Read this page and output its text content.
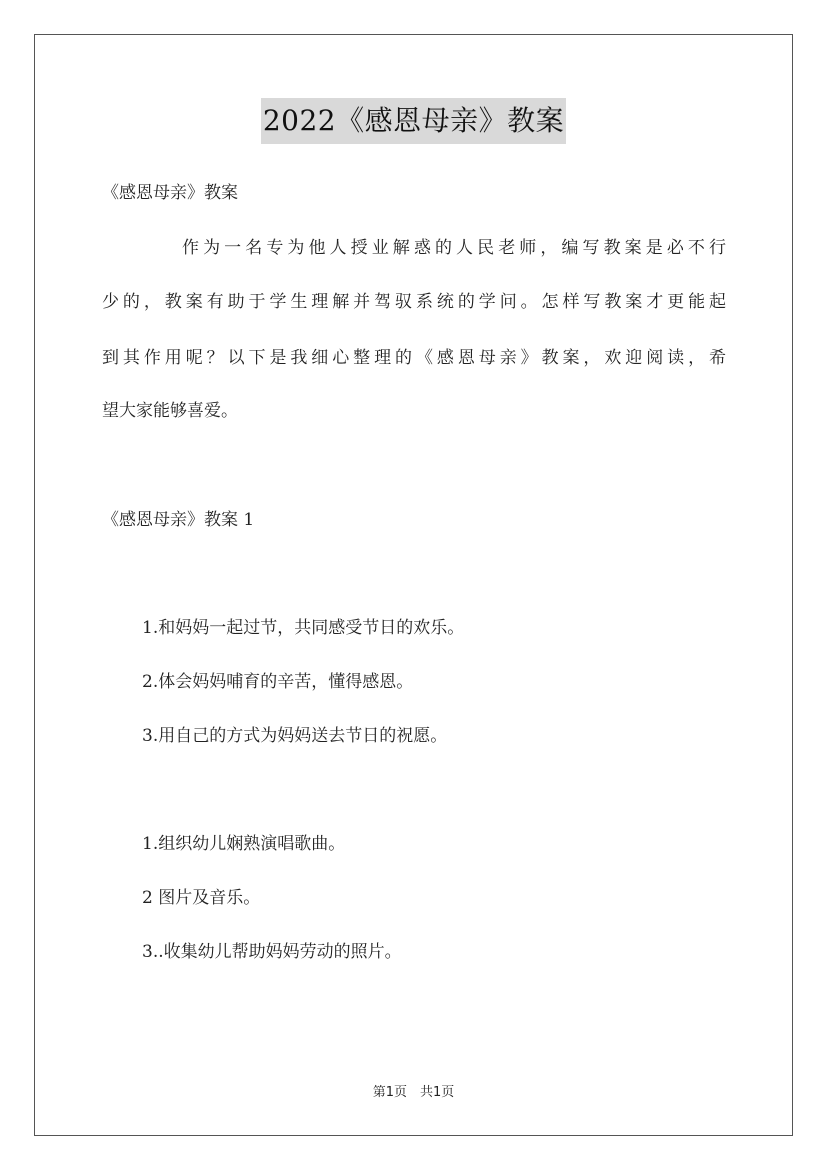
2022《感恩母亲》教案
《感恩母亲》教案
作为一名专为他人授业解惑的人民老师，编写教案是必不行
少的，教案有助于学生理解并驾驭系统的学问。怎样写教案才更能起
到其作用呢？以下是我细心整理的《感恩母亲》教案，欢迎阅读，希
望大家能够喜爱。
《感恩母亲》教案 1
1.和妈妈一起过节，共同感受节日的欢乐。
2.体会妈妈哺育的辛苦，懂得感恩。
3.用自己的方式为妈妈送去节日的祝愿。
1.组织幼儿娴熟演唱歌曲。
2 图片及音乐。
3..收集幼儿帮助妈妈劳动的照片。
第1页　共1页
